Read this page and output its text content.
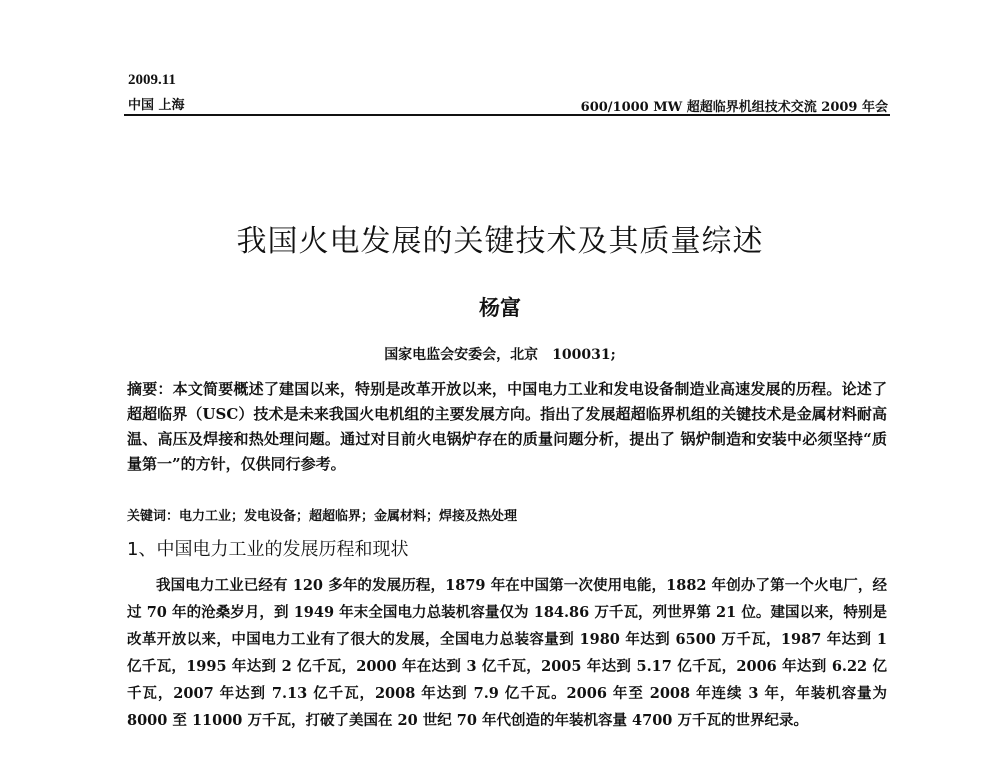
2009.11
中国 上海	600/1000 MW 超超临界机组技术交流 2009 年会
我国火电发展的关键技术及其质量综述
杨富
国家电监会安委会，北京　100031;

摘要：本文简要概述了建国以来，特别是改革开放以来，中国电力工业和发电设备制造业高速发展的历程。论述了超超临界（USC）技术是未来我国火电机组的主要发展方向。指出了发展超超临界机组的关键技术是金属材料耐高温、高压及焊接和热处理问题。通过对目前火电锅炉存在的质量问题分析，提出了 锅炉制造和安装中必须坚持“质量第一”的方针，仅供同行参考。

关键词：电力工业；发电设备；超超临界；金属材料；焊接及热处理

1、中国电力工业的发展历程和现状

我国电力工业已经有 120 多年的发展历程，1879 年在中国第一次使用电能，1882 年创办了第一个火电厂，经过 70 年的沧桑岁月，到 1949 年末全国电力总装机容量仅为 184.86 万千瓦，列世界第 21 位。建国以来，特别是改革开放以来，中国电力工业有了很大的发展，全国电力总装容量到 1980 年达到 6500 万千瓦，1987 年达到 1 亿千瓦，1995 年达到 2 亿千瓦，2000 年在达到 3 亿千瓦，2005 年达到 5.17 亿千瓦，2006 年达到 6.22 亿千瓦，2007 年达到 7.13 亿千瓦，2008 年达到 7.9 亿千瓦。2006 年至 2008 年连续 3 年，年装机容量为 8000 至 11000 万千瓦，打破了美国在 20 世纪 70 年代创造的年装机容量 4700 万千瓦的世界纪录。
